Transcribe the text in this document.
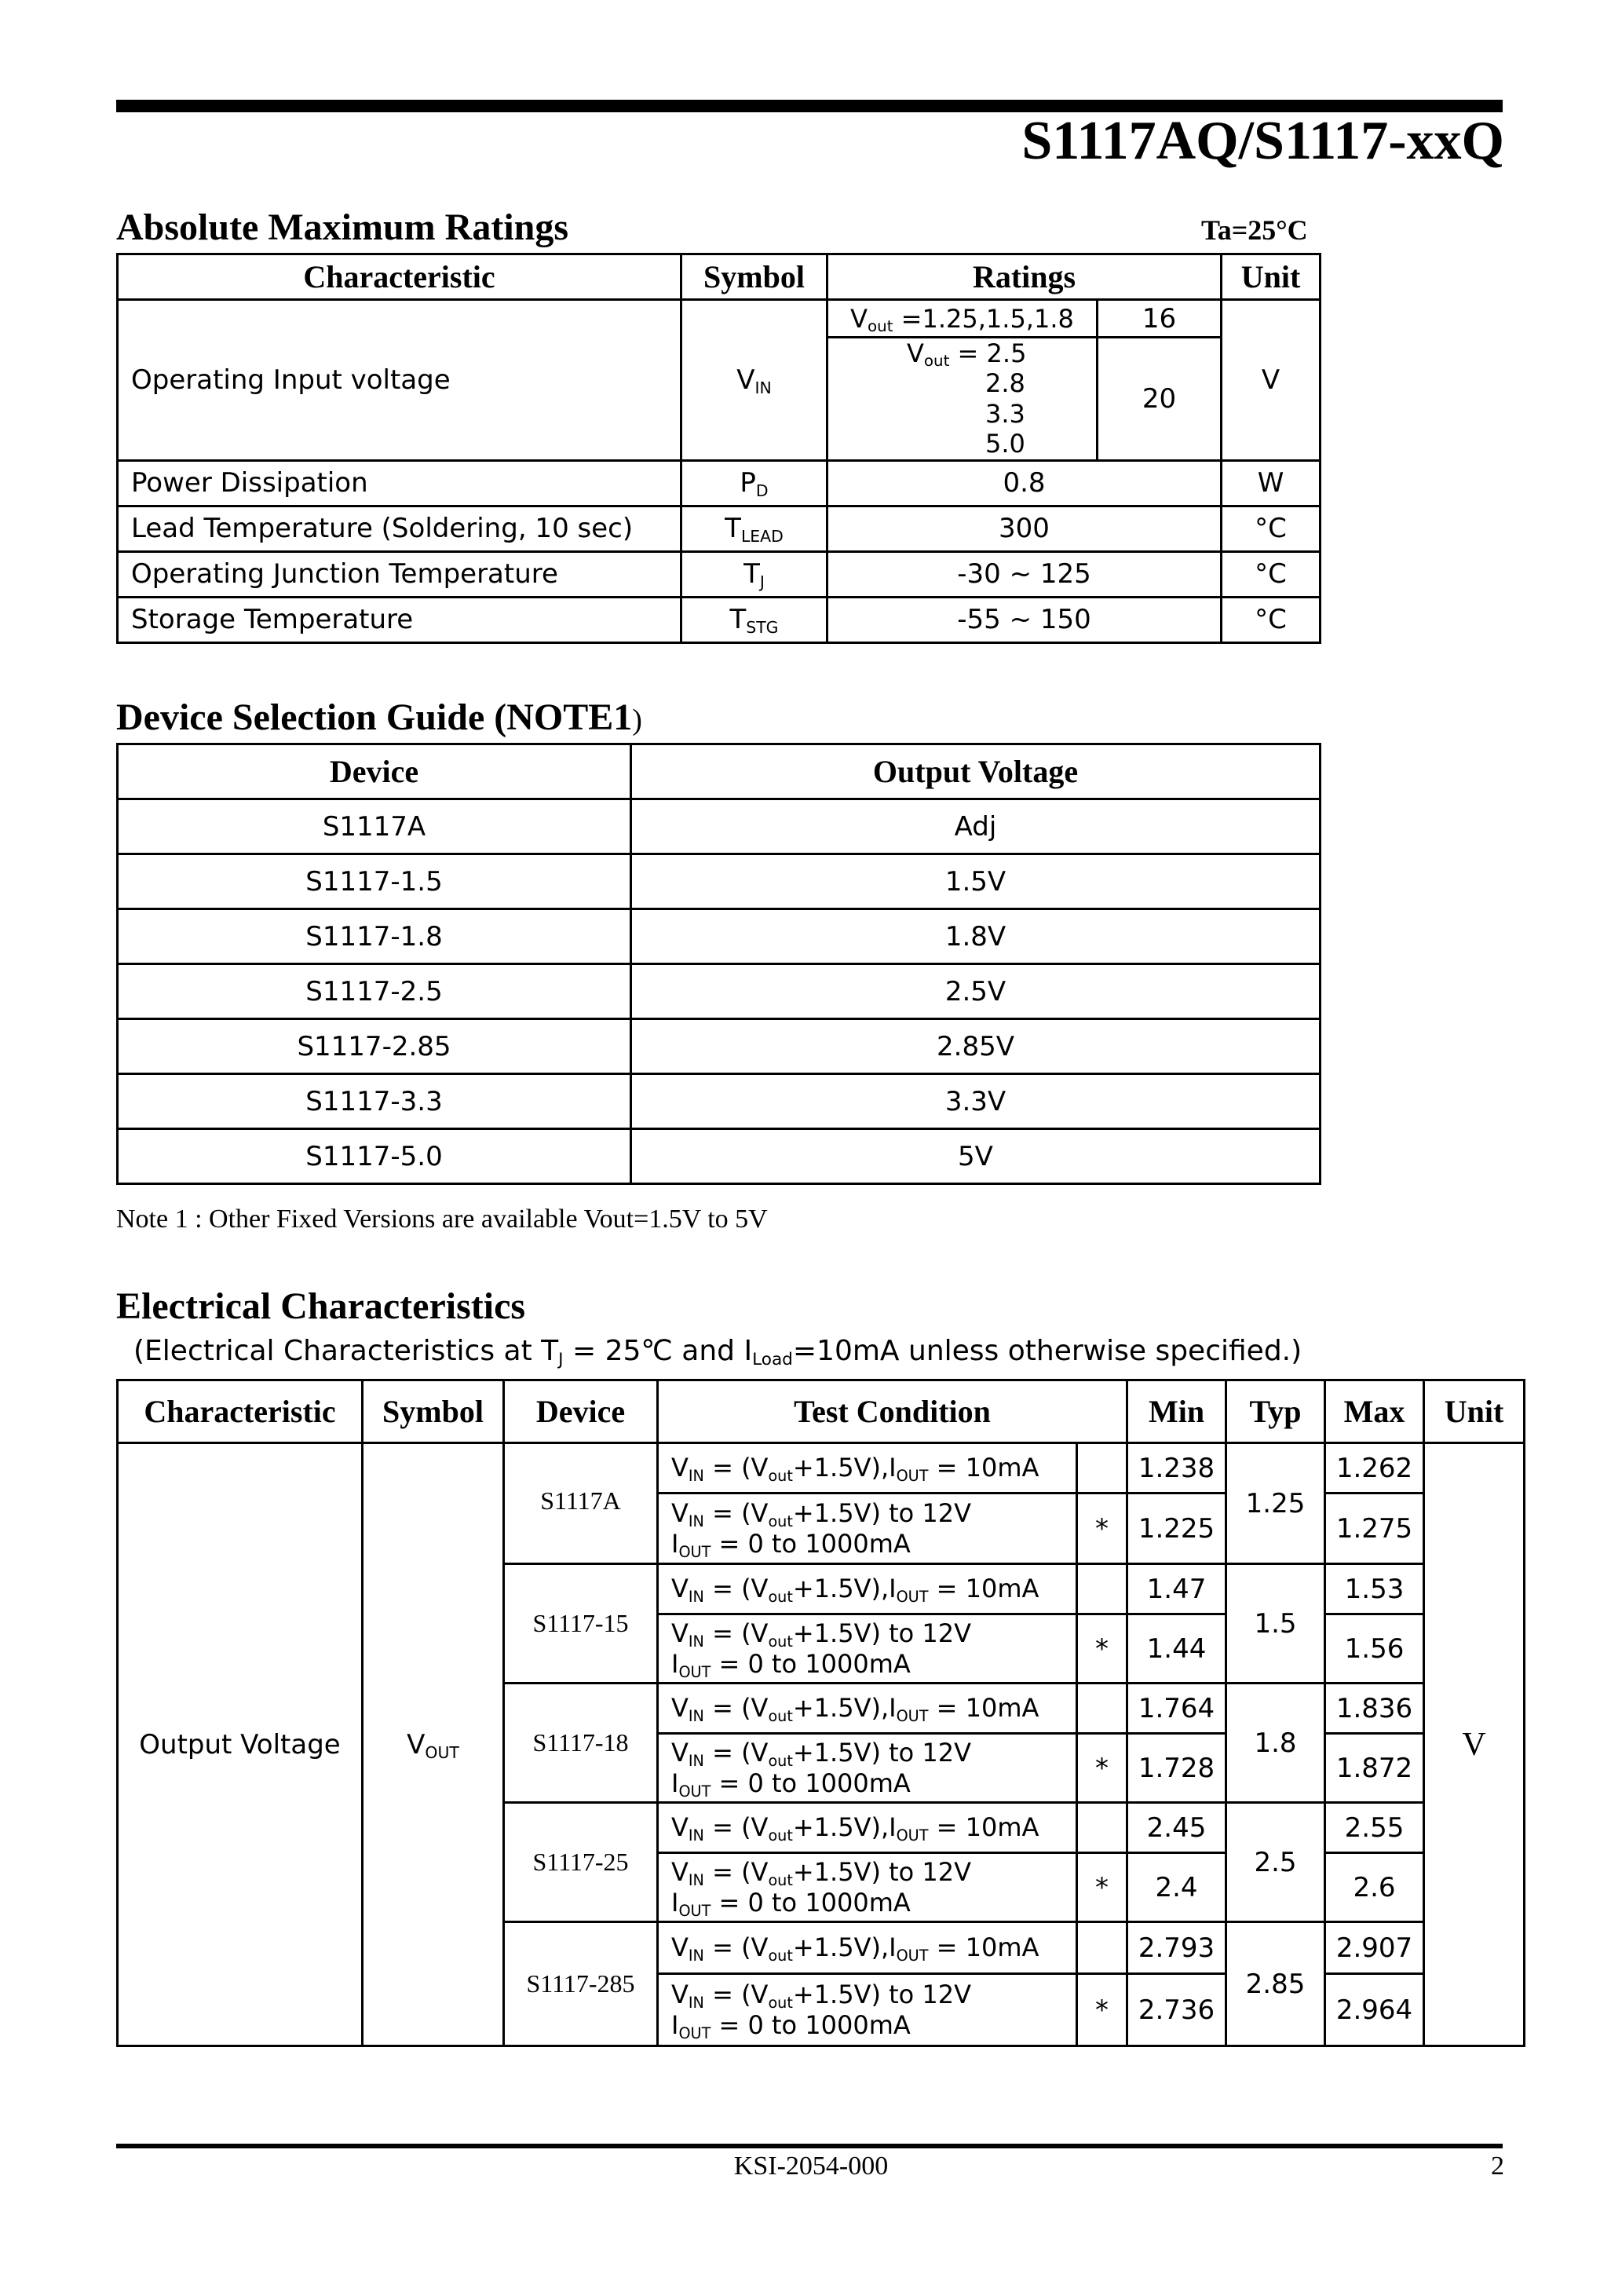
S1117AQ/S1117-xxQ
Absolute Maximum Ratings	Ta=25°C
Characteristic	Symbol	Ratings		Unit
Operating Input voltage	VIN	Vout =1.25,1.5,1.8	16	V

		Vout = 2.5
2.8
3.3
5.0	20	
Power Dissipation	PD	0.8		W
Lead Temperature (Soldering, 10 sec)	TLEAD	300		°C
Operating Junction Temperature	TJ	-30 ~ 125		°C
Storage Temperature	TSTG	-55 ~ 150		°C
Device Selection Guide (NOTE1)
Device	Output Voltage
S1117A	Adj
S1117-1.5	1.5V
S1117-1.8	1.8V
S1117-2.5	2.5V
S1117-2.85	2.85V
S1117-3.3	3.3V
S1117-5.0	5V
Note 1 : Other Fixed Versions are available Vout=1.5V to 5V
Electrical Characteristics
(Electrical Characteristics at TJ = 25℃ and ILoad=10mA unless otherwise specified.)
Characteristic	Symbol	Device	Test Condition		Min	Typ	Max	Unit
Output Voltage	VOUT	S1117A	VIN = (Vout+1.5V),IOUT = 10mA		1.238	1.25	1.262	V

			VIN = (Vout+1.5V) to 12V
IOUT = 0 to 1000mA	*	1.225		1.275	
		S1117-15	VIN = (Vout+1.5V),IOUT = 10mA		1.47	1.5	1.53	

			VIN = (Vout+1.5V) to 12V
IOUT = 0 to 1000mA	*	1.44		1.56	
		S1117-18	VIN = (Vout+1.5V),IOUT = 10mA		1.764	1.8	1.836	

			VIN = (Vout+1.5V) to 12V
IOUT = 0 to 1000mA	*	1.728		1.872	
		S1117-25	VIN = (Vout+1.5V),IOUT = 10mA		2.45	2.5	2.55	

			VIN = (Vout+1.5V) to 12V
IOUT = 0 to 1000mA	*	2.4		2.6	
		S1117-285	VIN = (Vout+1.5V),IOUT = 10mA		2.793	2.85	2.907	

			VIN = (Vout+1.5V) to 12V
IOUT = 0 to 1000mA	*	2.736		2.964	
KSI-2054-000	2
